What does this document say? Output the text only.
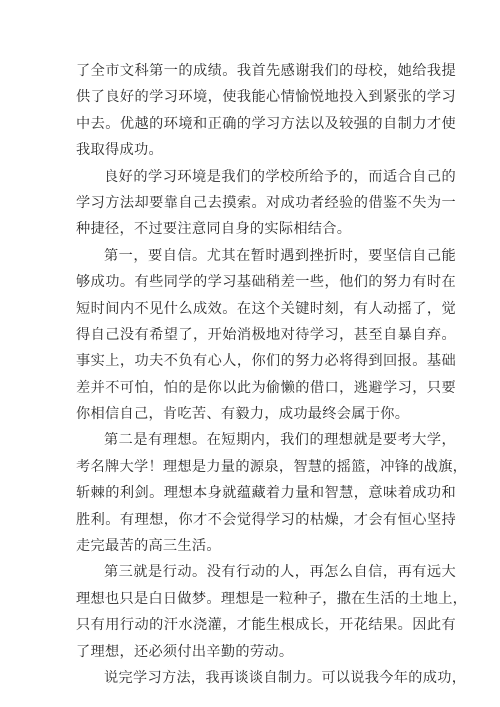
了全市文科第一的成绩。我首先感谢我们的母校，她给我提
供了良好的学习环境，使我能心情愉悦地投入到紧张的学习
中去。优越的环境和正确的学习方法以及较强的自制力才使
我取得成功。
良好的学习环境是我们的学校所给予的，而适合自己的
学习方法却要靠自己去摸索。对成功者经验的借鉴不失为一
种捷径，不过要注意同自身的实际相结合。
第一，要自信。尤其在暂时遇到挫折时，要坚信自己能
够成功。有些同学的学习基础稍差一些，他们的努力有时在
短时间内不见什么成效。在这个关键时刻，有人动摇了，觉
得自己没有希望了，开始消极地对待学习，甚至自暴自弃。
事实上，功夫不负有心人，你们的努力必将得到回报。基础
差并不可怕，怕的是你以此为偷懒的借口，逃避学习，只要
你相信自己，肯吃苦、有毅力，成功最终会属于你。
第二是有理想。在短期内，我们的理想就是要考大学，
考名牌大学！理想是力量的源泉，智慧的摇篮，冲锋的战旗，
斩棘的利剑。理想本身就蕴藏着力量和智慧，意味着成功和
胜利。有理想，你才不会觉得学习的枯燥，才会有恒心坚持
走完最苦的高三生活。
第三就是行动。没有行动的人，再怎么自信，再有远大
理想也只是白日做梦。理想是一粒种子，撒在生活的土地上，
只有用行动的汗水浇灌，才能生根成长，开花结果。因此有
了理想，还必须付出辛勤的劳动。
说完学习方法，我再谈谈自制力。可以说我今年的成功，
